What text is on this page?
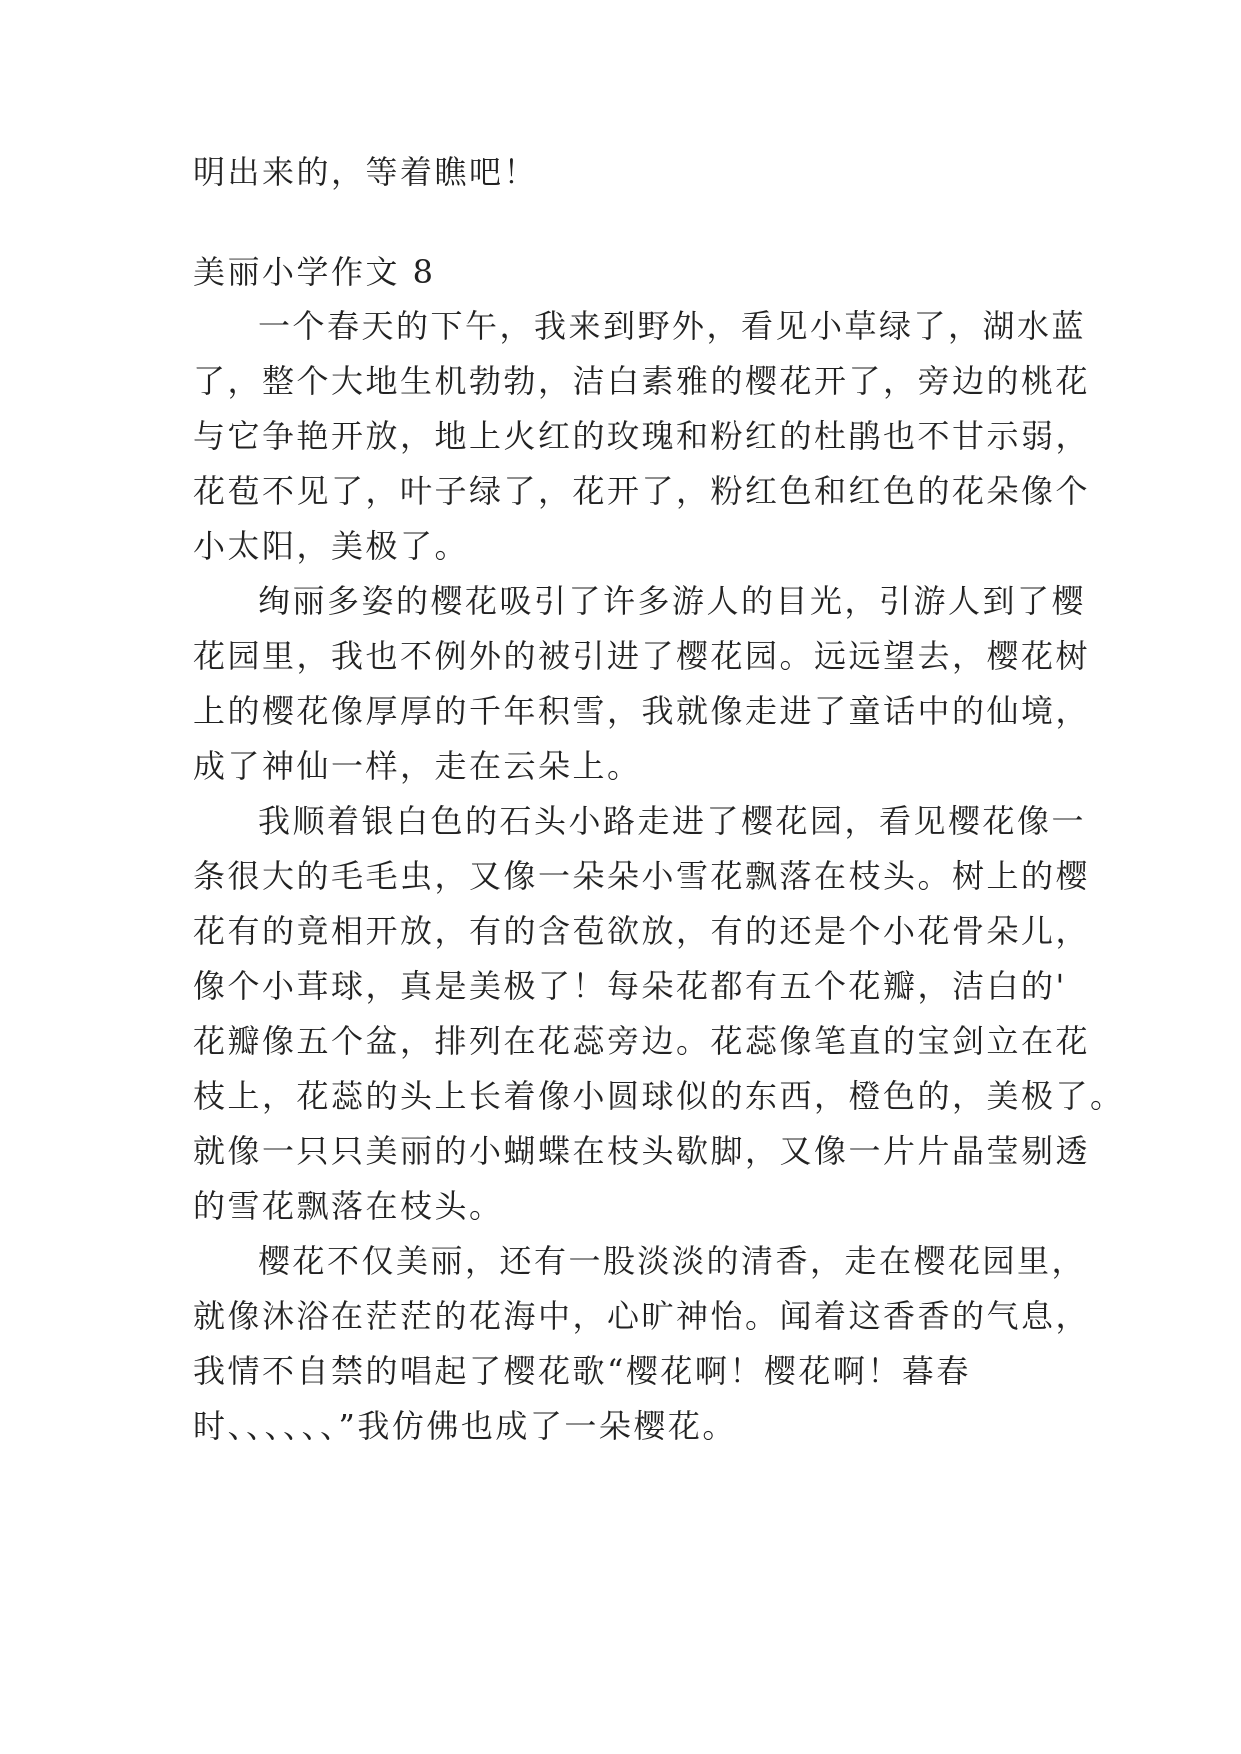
明出来的，等着瞧吧！
美丽小学作文 8
一个春天的下午，我来到野外，看见小草绿了，湖水蓝
了，整个大地生机勃勃，洁白素雅的樱花开了，旁边的桃花
与它争艳开放，地上火红的玫瑰和粉红的杜鹃也不甘示弱，
花苞不见了，叶子绿了，花开了，粉红色和红色的花朵像个
小太阳，美极了。
绚丽多姿的樱花吸引了许多游人的目光，引游人到了樱
花园里，我也不例外的被引进了樱花园。远远望去，樱花树
上的樱花像厚厚的千年积雪，我就像走进了童话中的仙境，
成了神仙一样，走在云朵上。
我顺着银白色的石头小路走进了樱花园，看见樱花像一
条很大的毛毛虫，又像一朵朵小雪花飘落在枝头。树上的樱
花有的竟相开放，有的含苞欲放，有的还是个小花骨朵儿，
像个小茸球，真是美极了！每朵花都有五个花瓣，洁白的'
花瓣像五个盆，排列在花蕊旁边。花蕊像笔直的宝剑立在花
枝上，花蕊的头上长着像小圆球似的东西，橙色的，美极了。
就像一只只美丽的小蝴蝶在枝头歇脚，又像一片片晶莹剔透
的雪花飘落在枝头。
樱花不仅美丽，还有一股淡淡的清香，走在樱花园里，
就像沐浴在茫茫的花海中，心旷神怡。闻着这香香的气息，
我情不自禁的唱起了樱花歌“樱花啊！樱花啊！暮春
时、、、、、、”我仿佛也成了一朵樱花。
